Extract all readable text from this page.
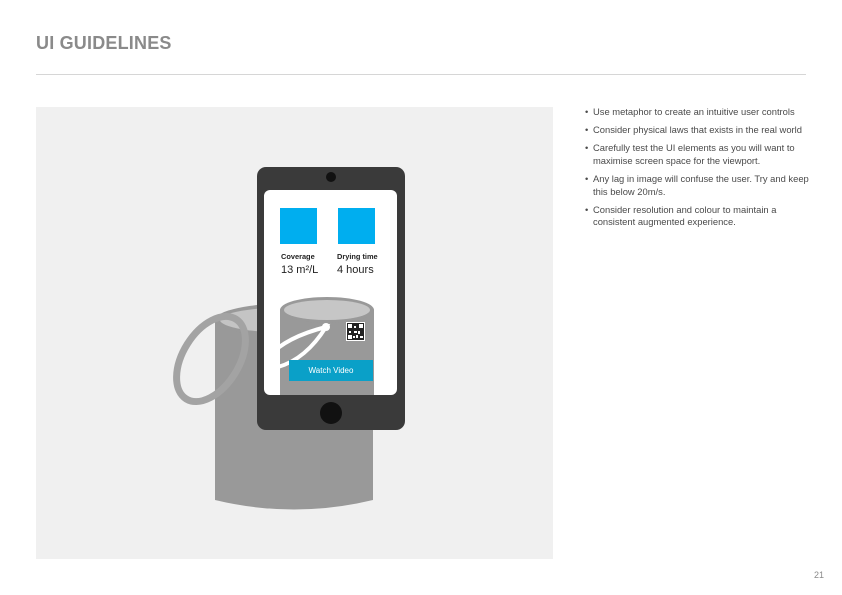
UI GUIDELINES
Coverage
13 m²/L
Drying time
4 hours
Watch Video
• Use metaphor to create an intuitive user controls
• Consider physical laws that exists in the real world
• Carefully test the UI elements as you will want to maximise screen space for the viewport.
• Any lag in image will confuse the user. Try and keep this below 20m/s.
• Consider resolution and colour to maintain a consistent augmented experience.
21
